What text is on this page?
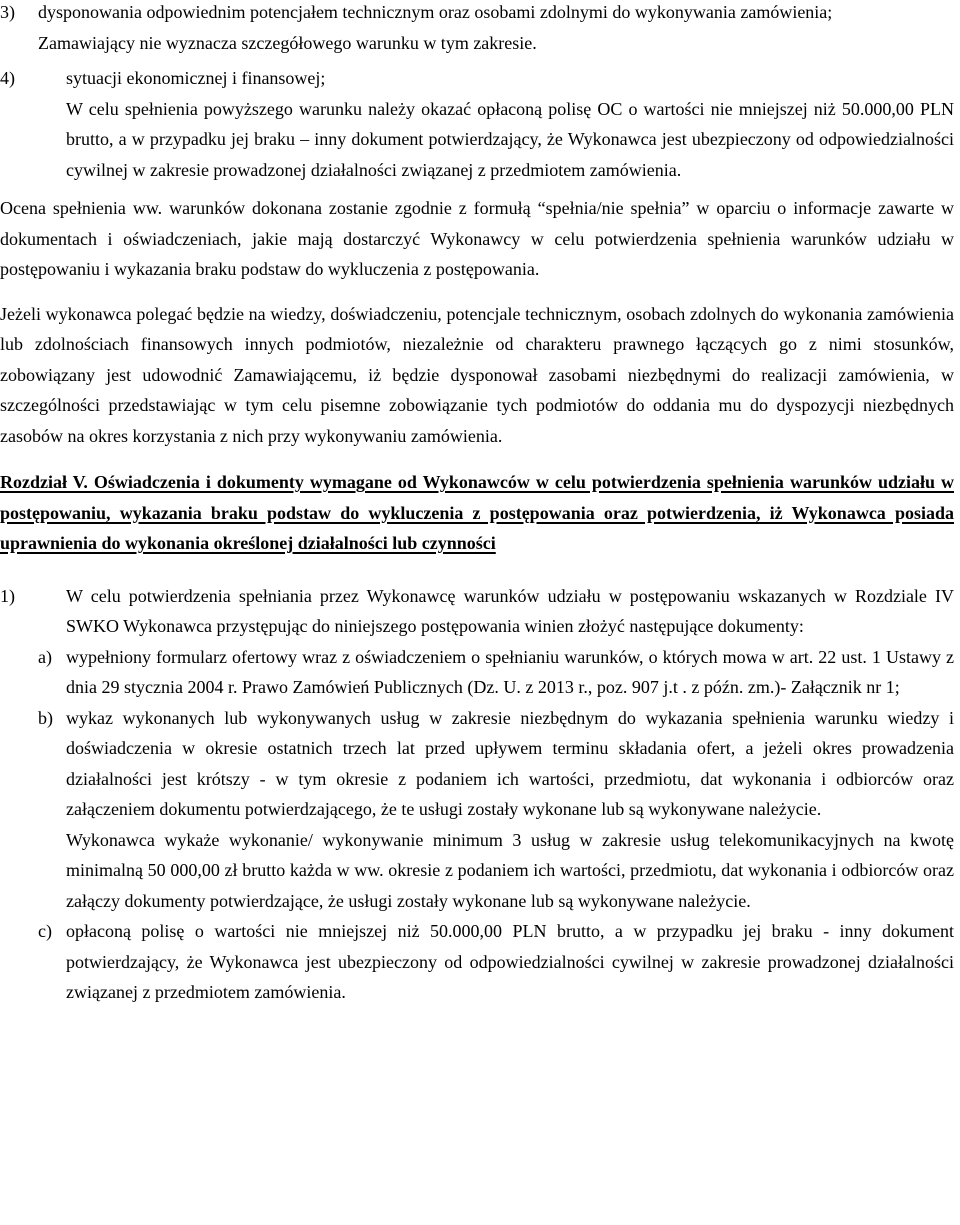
3)	dysponowania odpowiednim potencjałem technicznym oraz osobami zdolnymi do wykonywania zamówienia;

Zamawiający nie wyznacza szczegółowego warunku w tym zakresie.

4)	sytuacji ekonomicznej i finansowej;

W celu spełnienia powyższego warunku należy okazać opłaconą polisę OC o wartości nie mniejszej niż 50.000,00 PLN brutto, a w przypadku jej braku – inny dokument potwierdzający, że Wykonawca jest ubezpieczony od odpowiedzialności cywilnej w zakresie prowadzonej działalności związanej z przedmiotem zamówienia.

Ocena spełnienia ww. warunków dokonana zostanie zgodnie z formułą “spełnia/nie spełnia” w oparciu o informacje zawarte w dokumentach i oświadczeniach, jakie mają dostarczyć Wykonawcy w celu potwierdzenia spełnienia warunków udziału w postępowaniu i wykazania braku podstaw do wykluczenia z postępowania.

Jeżeli wykonawca polegać będzie na wiedzy, doświadczeniu, potencjale technicznym, osobach zdolnych do wykonania zamówienia lub zdolnościach finansowych innych podmiotów, niezależnie od charakteru prawnego łączących go z nimi stosunków, zobowiązany jest udowodnić Zamawiającemu, iż będzie dysponował zasobami niezbędnymi do realizacji zamówienia, w szczególności przedstawiając w tym celu pisemne zobowiązanie tych podmiotów do oddania mu do dyspozycji niezbędnych zasobów na okres korzystania z nich przy wykonywaniu zamówienia.

Rozdział V. Oświadczenia i dokumenty wymagane od Wykonawców w celu potwierdzenia spełnienia warunków udziału w postępowaniu, wykazania braku podstaw do wykluczenia z postępowania oraz potwierdzenia, iż Wykonawca posiada uprawnienia do wykonania określonej działalności lub czynności

1)	W celu potwierdzenia spełniania przez Wykonawcę warunków udziału w postępowaniu wskazanych w Rozdziale IV SWKO Wykonawca przystępując do niniejszego postępowania winien złożyć następujące dokumenty:

a) wypełniony formularz ofertowy wraz z oświadczeniem o spełnianiu warunków, o których mowa w art. 22 ust. 1 Ustawy z dnia 29 stycznia 2004 r. Prawo Zamówień Publicznych (Dz. U. z 2013 r., poz. 907 j.t . z późn. zm.)- Załącznik nr 1;

b) wykaz wykonanych lub wykonywanych usług w zakresie niezbędnym do wykazania spełnienia warunku wiedzy i doświadczenia w okresie ostatnich trzech lat przed upływem terminu składania ofert, a jeżeli okres prowadzenia działalności jest krótszy - w tym okresie z podaniem ich wartości, przedmiotu, dat wykonania i odbiorców oraz załączeniem dokumentu potwierdzającego, że te usługi zostały wykonane lub są wykonywane należycie.

Wykonawca wykaże wykonanie/ wykonywanie minimum 3 usług w zakresie usług telekomunikacyjnych na kwotę minimalną 50 000,00 zł brutto każda w ww. okresie z podaniem ich wartości, przedmiotu, dat wykonania i odbiorców oraz załączy dokumenty potwierdzające, że usługi zostały wykonane lub są wykonywane należycie.

c) opłaconą polisę o wartości nie mniejszej niż 50.000,00 PLN brutto, a w przypadku jej braku - inny dokument potwierdzający, że Wykonawca jest ubezpieczony od odpowiedzialności cywilnej w zakresie prowadzonej działalności związanej z przedmiotem zamówienia.
